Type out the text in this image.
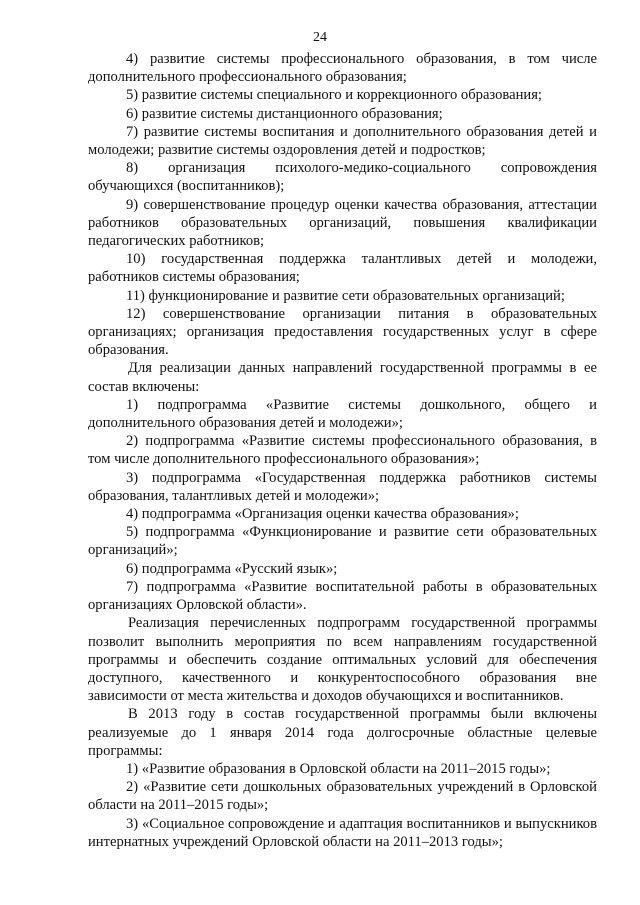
24

4) развитие системы профессионального образования, в том числе дополнительного профессионального образования;

5) развитие системы специального и коррекционного образования;

6) развитие системы дистанционного образования;

7) развитие системы воспитания и дополнительного образования детей и молодежи; развитие системы оздоровления детей и подростков;

8) организация психолого-медико-социального сопровождения обучающихся (воспитанников);

9) совершенствование процедур оценки качества образования, аттестации работников образовательных организаций, повышения квалификации педагогических работников;

10) государственная поддержка талантливых детей и молодежи, работников системы образования;

11) функционирование и развитие сети образовательных организаций;

12) совершенствование организации питания в образовательных организациях; организация предоставления государственных услуг в сфере образования.

Для реализации данных направлений государственной программы в ее состав включены:

1) подпрограмма «Развитие системы дошкольного, общего и дополнительного образования детей и молодежи»;

2) подпрограмма «Развитие системы профессионального образования, в том числе дополнительного профессионального образования»;

3) подпрограмма «Государственная поддержка работников системы образования, талантливых детей и молодежи»;

4) подпрограмма «Организация оценки качества образования»;

5) подпрограмма «Функционирование и развитие сети образовательных организаций»;

6) подпрограмма «Русский язык»;

7) подпрограмма «Развитие воспитательной работы в образовательных организациях Орловской области».

Реализация перечисленных подпрограмм государственной программы позволит выполнить мероприятия по всем направлениям государственной программы и обеспечить создание оптимальных условий для обеспечения доступного, качественного и конкурентоспособного образования вне зависимости от места жительства и доходов обучающихся и воспитанников.

В 2013 году в состав государственной программы были включены реализуемые до 1 января 2014 года долгосрочные областные целевые программы:

1) «Развитие образования в Орловской области на 2011–2015 годы»;

2) «Развитие сети дошкольных образовательных учреждений в Орловской области на 2011–2015 годы»;

3) «Социальное сопровождение и адаптация воспитанников и выпускников интернатных учреждений Орловской области на 2011–2013 годы»;
